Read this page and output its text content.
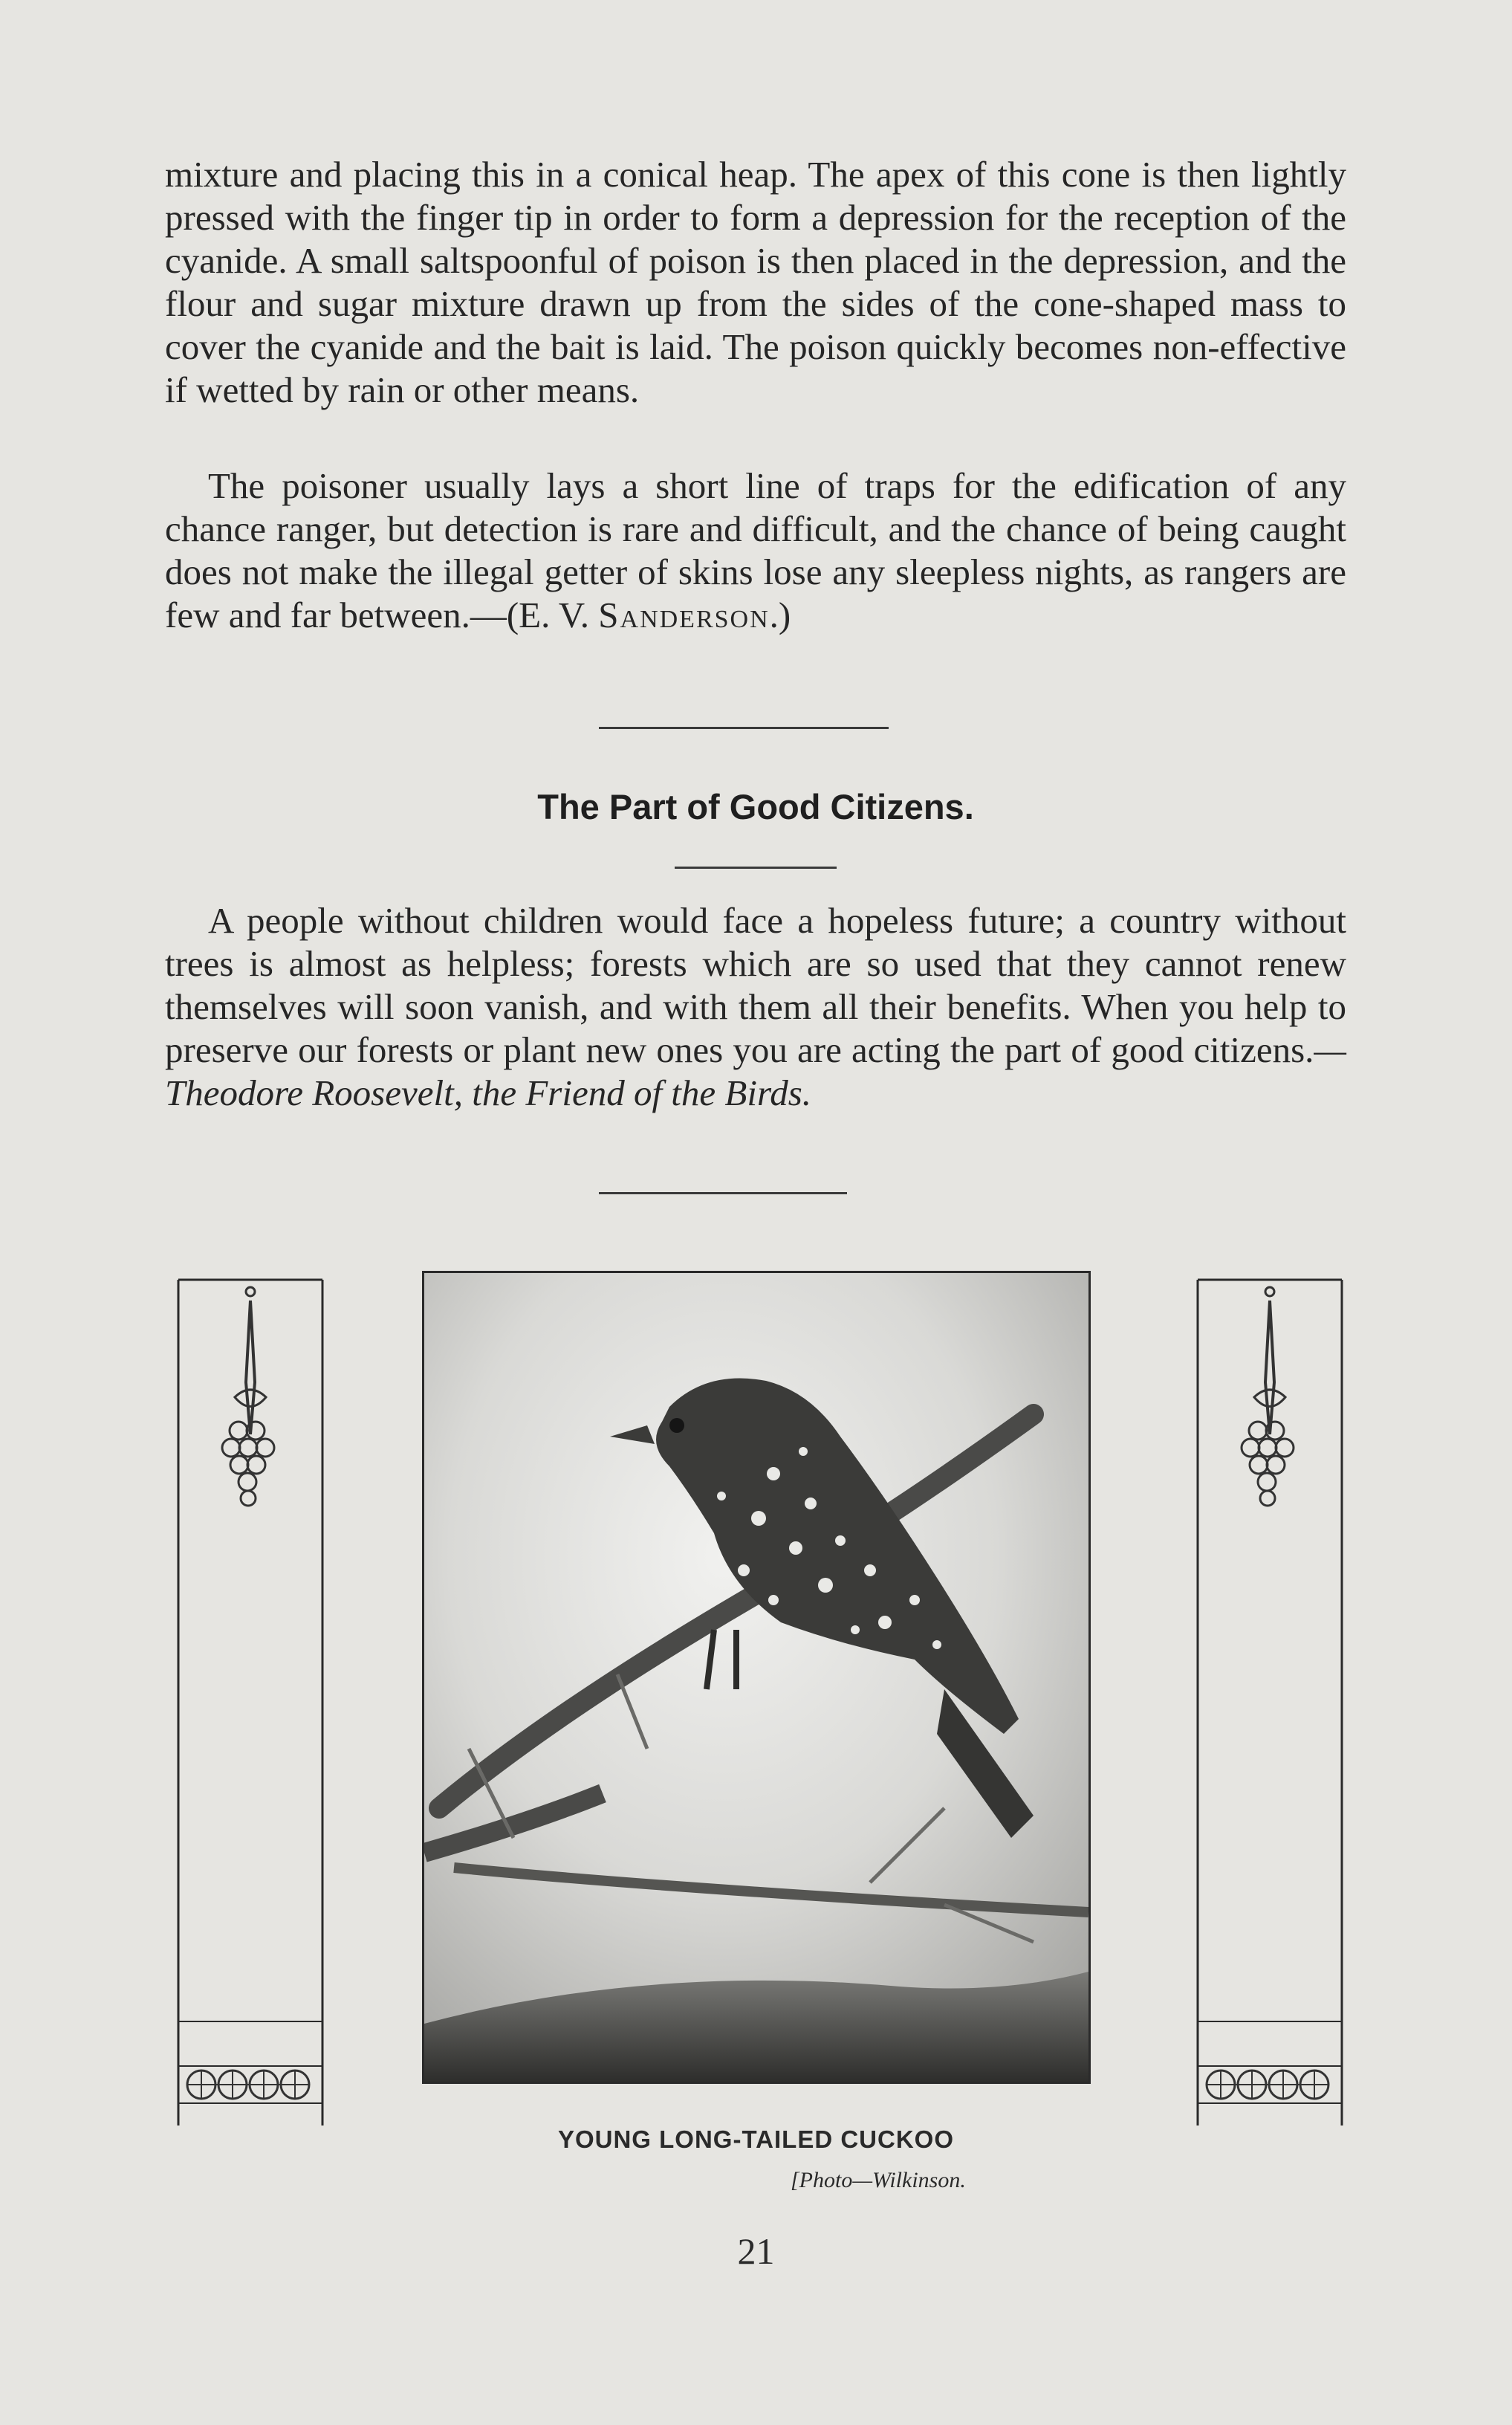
mixture and placing this in a conical heap. The apex of this cone is then lightly pressed with the finger tip in order to form a depression for the reception of the cyanide. A small saltspoonful of poison is then placed in the depression, and the flour and sugar mixture drawn up from the sides of the cone-shaped mass to cover the cyanide and the bait is laid. The poison quickly becomes non-effective if wetted by rain or other means.

The poisoner usually lays a short line of traps for the edification of any chance ranger, but detection is rare and difficult, and the chance of being caught does not make the illegal getter of skins lose any sleepless nights, as rangers are few and far between.—(E. V. Sanderson.)

The Part of Good Citizens.

A people without children would face a hopeless future; a country without trees is almost as helpless; forests which are so used that they cannot renew themselves will soon vanish, and with them all their benefits. When you help to preserve our forests or plant new ones you are acting the part of good citizens.—Theodore Roosevelt, the Friend of the Birds.

YOUNG LONG-TAILED CUCKOO
[Photo—Wilkinson.
21
